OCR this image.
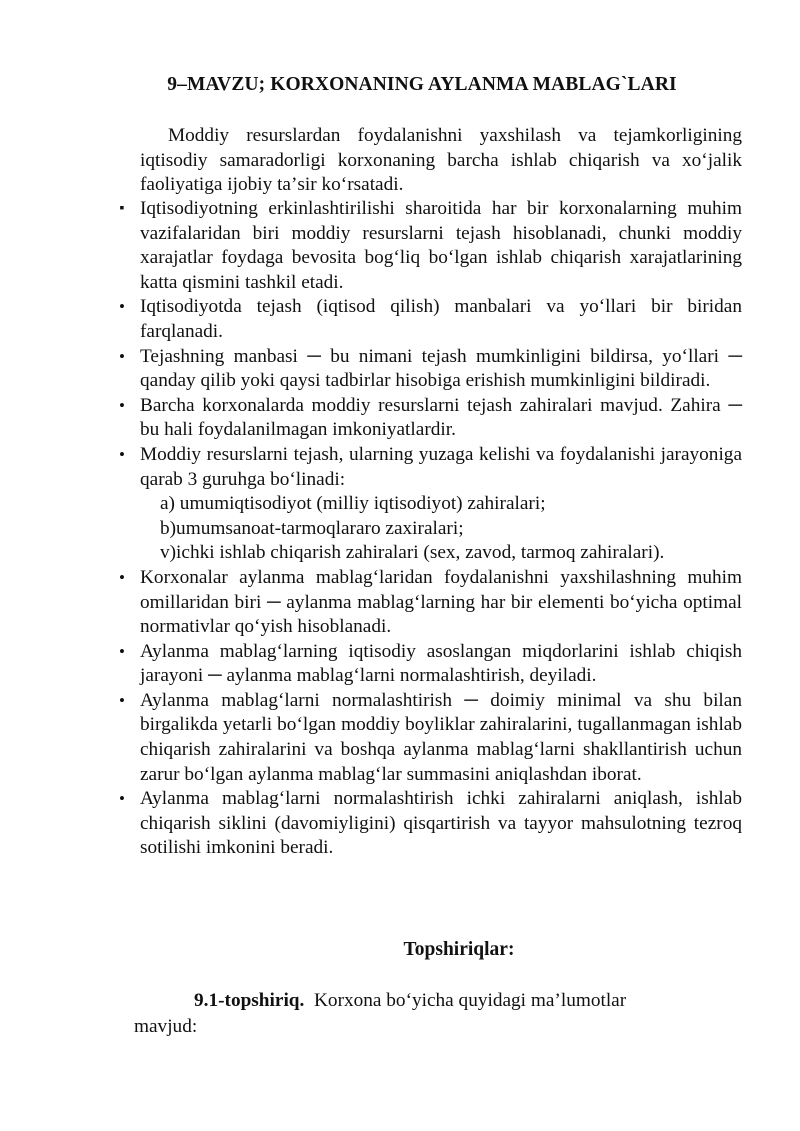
9–MAVZU; KORXONANING AYLANMA MABLAG`LARI
Moddiy resurslardan foydalanishni yaxshilash va tejamkorligining iqtisodiy samaradorligi korxonaning barcha ishlab chiqarish va xoʻjalik faoliyatiga ijobiy taʼsir koʻrsatadi.
▪ Iqtisodiyotning erkinlashtirilishi sharoitida har bir korxonalarning muhim vazifalaridan biri moddiy resurslarni tejash hisoblanadi, chunki moddiy xarajatlar foydaga bevosita bogʻliq boʻlgan ishlab chiqarish xarajatlarining katta qismini tashkil etadi.
• Iqtisodiyotda tejash (iqtisod qilish) manbalari va yoʻllari bir biridan farqlanadi.
• Tejashning manbasi ─ bu nimani tejash mumkinligini bildirsa, yoʻllari ─ qanday qilib yoki qaysi tadbirlar hisobiga erishish mumkinligini bildiradi.
• Barcha korxonalarda moddiy resurslarni tejash zahiralari mavjud. Zahira ─ bu hali foydalanilmagan imkoniyatlardir.
• Moddiy resurslarni tejash, ularning yuzaga kelishi va foydalanishi jarayoniga qarab 3 guruhga boʻlinadi:
a) umumiqtisodiyot (milliy iqtisodiyot) zahiralari;
b)umumsanoat-tarmoqlararo zaxiralari;
v)ichki ishlab chiqarish zahiralari (sex, zavod, tarmoq zahiralari).
• Korxonalar aylanma mablagʻlaridan foydalanishni yaxshilashning muhim omillaridan biri ─ aylanma mablagʻlarning har bir elementi boʻyicha optimal normativlar qoʻyish hisoblanadi.
• Aylanma mablagʻlarning iqtisodiy asoslangan miqdorlarini ishlab chiqish jarayoni ─ aylanma mablagʻlarni normalashtirish, deyiladi.
• Aylanma mablagʻlarni normalashtirish ─ doimiy minimal va shu bilan birgalikda yetarli boʻlgan moddiy boyliklar zahiralarini, tugallanmagan ishlab chiqarish zahiralarini va boshqa aylanma mablagʻlarni shakllantirish uchun zarur boʻlgan aylanma mablagʻlar summasini aniqlashdan iborat.
• Aylanma mablagʻlarni normalashtirish ichki zahiralarni aniqlash, ishlab chiqarish siklini (davomiyligini) qisqartirish va tayyor mahsulotning tezroq sotilishi imkonini beradi.
Topshiriqlar:
9.1-topshiriq. Korxona boʻyicha quyidagi maʼlumotlar mavjud:
